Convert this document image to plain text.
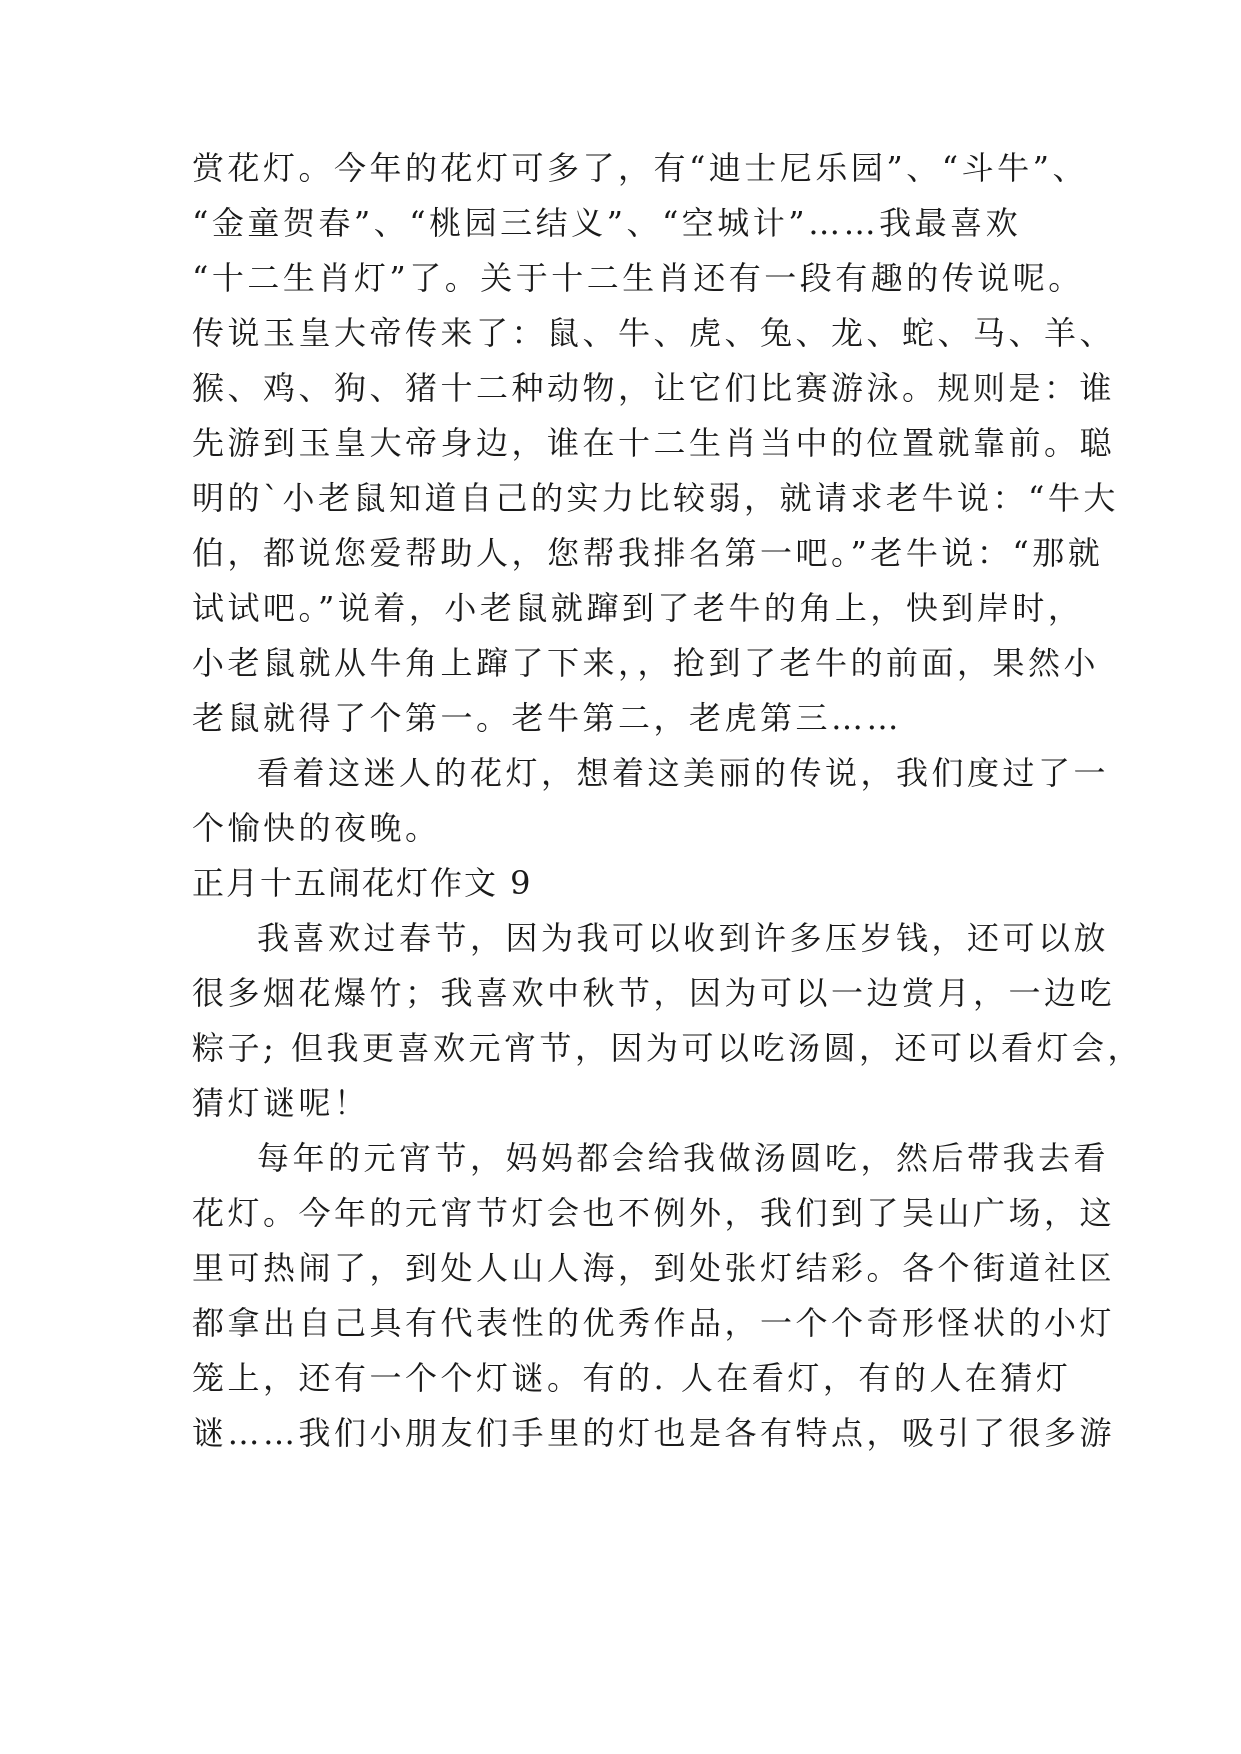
赏花灯。今年的花灯可多了，有“迪士尼乐园”、“斗牛”、
“金童贺春”、“桃园三结义”、“空城计”……我最喜欢
“十二生肖灯”了。关于十二生肖还有一段有趣的传说呢。
传说玉皇大帝传来了：鼠、牛、虎、兔、龙、蛇、马、羊、
猴、鸡、狗、猪十二种动物，让它们比赛游泳。规则是：谁
先游到玉皇大帝身边，谁在十二生肖当中的位置就靠前。聪
明的`小老鼠知道自己的实力比较弱，就请求老牛说：“牛大
伯，都说您爱帮助人，您帮我排名第一吧。”老牛说：“那就
试试吧。”说着，小老鼠就蹿到了老牛的角上，快到岸时，
小老鼠就从牛角上蹿了下来，，抢到了老牛的前面，果然小
老鼠就得了个第一。老牛第二，老虎第三……
看着这迷人的花灯，想着这美丽的传说，我们度过了一
个愉快的夜晚。
正月十五闹花灯作文 9
我喜欢过春节，因为我可以收到许多压岁钱，还可以放
很多烟花爆竹；我喜欢中秋节，因为可以一边赏月，一边吃
粽子; 但我更喜欢元宵节，因为可以吃汤圆，还可以看灯会，
猜灯谜呢！
每年的元宵节，妈妈都会给我做汤圆吃，然后带我去看
花灯。今年的元宵节灯会也不例外，我们到了吴山广场，这
里可热闹了，到处人山人海，到处张灯结彩。各个街道社区
都拿出自己具有代表性的优秀作品，一个个奇形怪状的小灯
笼上，还有一个个灯谜。有的. 人在看灯，有的人在猜灯
谜……我们小朋友们手里的灯也是各有特点，吸引了很多游
